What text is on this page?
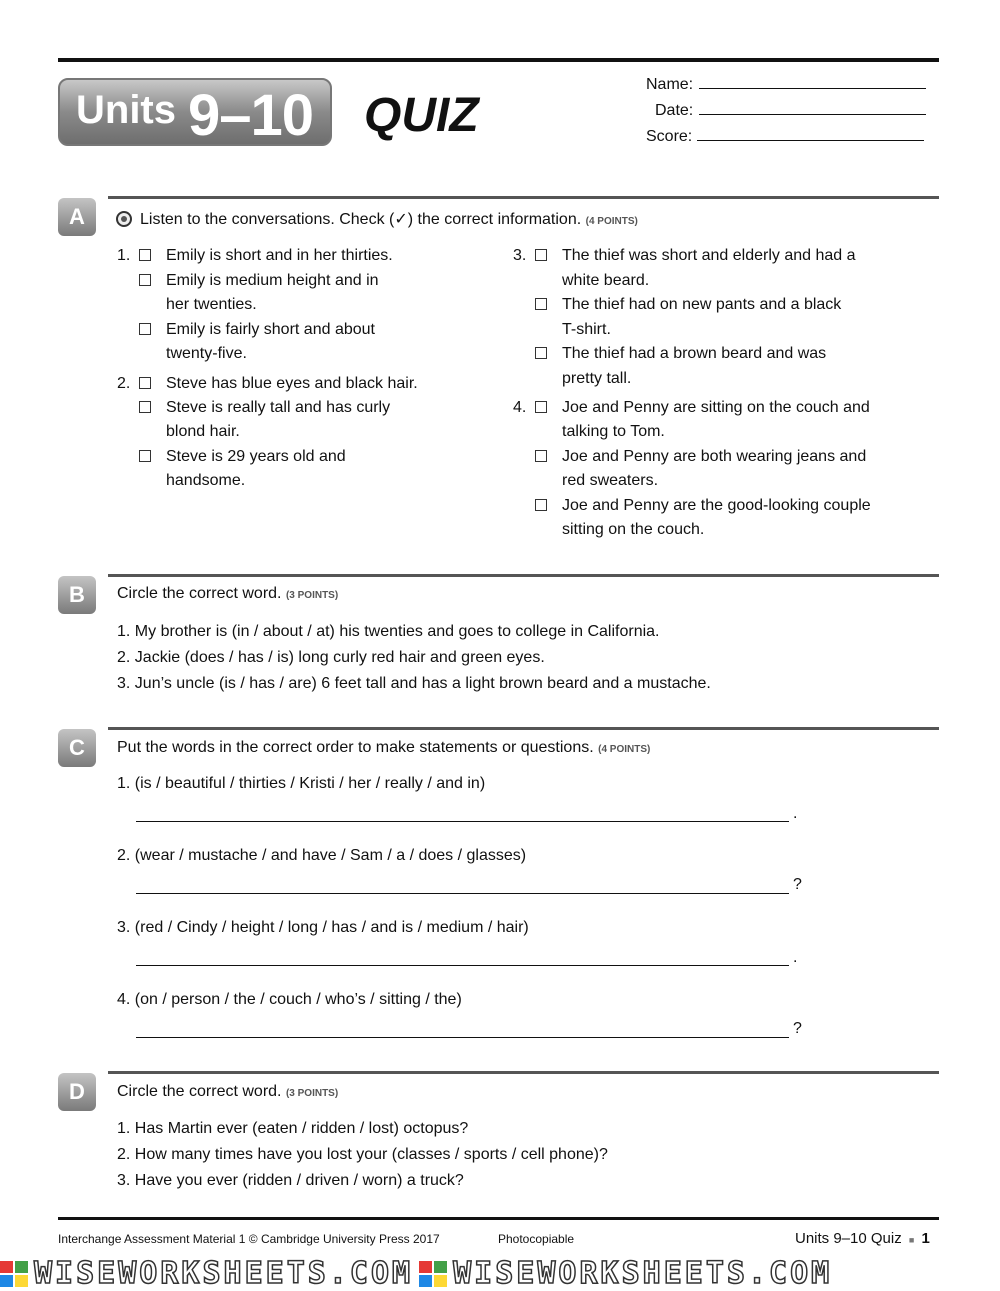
Units 9–10 QUIZ
Name:
Date:
Score:
A	Listen to the conversations. Check (✓) the correct information. (4 POINTS)
1. Emily is short and in her thirties.
Emily is medium height and in
her twenties.
Emily is fairly short and about
twenty-five.
2. Steve has blue eyes and black hair.
Steve is really tall and has curly
blond hair.
Steve is 29 years old and
handsome.
3. The thief was short and elderly and had a
white beard.
The thief had on new pants and a black
T-shirt.
The thief had a brown beard and was
pretty tall.
4. Joe and Penny are sitting on the couch and
talking to Tom.
Joe and Penny are both wearing jeans and
red sweaters.
Joe and Penny are the good-looking couple
sitting on the couch.
B	Circle the correct word. (3 POINTS)
1. My brother is (in / about / at) his twenties and goes to college in California.
2. Jackie (does / has / is) long curly red hair and green eyes.
3. Jun’s uncle (is / has / are) 6 feet tall and has a light brown beard and a mustache.
C	Put the words in the correct order to make statements or questions. (4 POINTS)
1. (is / beautiful / thirties / Kristi / her / really / and in)
.
2. (wear / mustache / and have / Sam / a / does / glasses)
?
3. (red / Cindy / height / long / has / and is / medium / hair)
.
4. (on / person / the / couch / who’s / sitting / the)
?
D	Circle the correct word. (3 POINTS)
1. Has Martin ever (eaten / ridden / lost) octopus?
2. How many times have you lost your (classes / sports / cell phone)?
3. Have you ever (ridden / driven / worn) a truck?
Interchange Assessment Material 1 © Cambridge University Press 2017	Photocopiable	Units 9–10 Quiz ■ 1
WISEWORKSHEETS.COM WISEWORKSHEETS.COM
